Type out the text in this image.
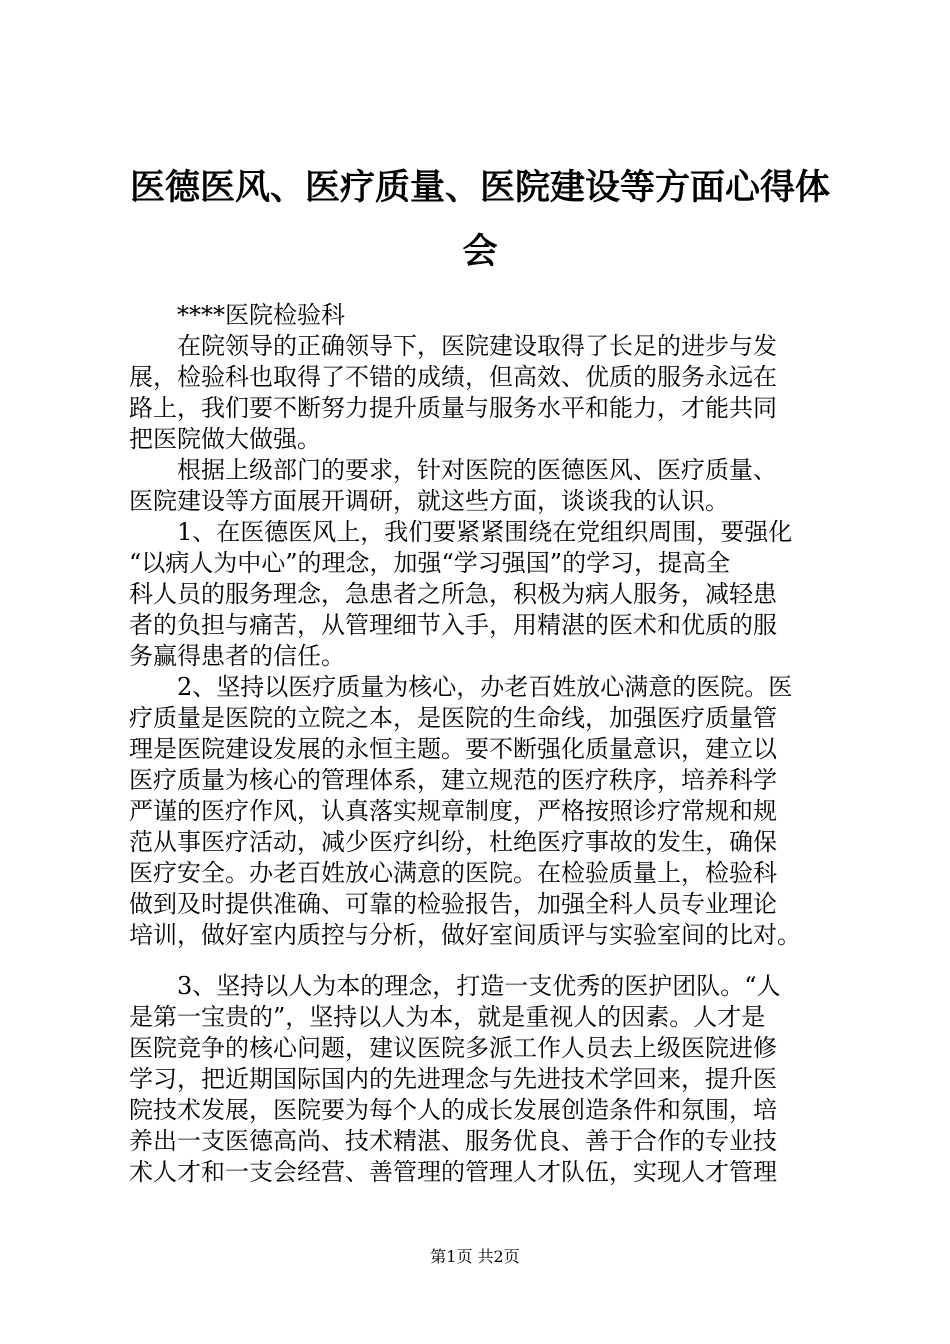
医德医风、医疗质量、医院建设等方面心得体
会

　　****医院检验科

　　在院领导的正确领导下，医院建设取得了长足的进步与发

展，检验科也取得了不错的成绩，但高效、优质的服务永远在

路上，我们要不断努力提升质量与服务水平和能力，才能共同

把医院做大做强。

　　根据上级部门的要求，针对医院的医德医风、医疗质量、

医院建设等方面展开调研，就这些方面，谈谈我的认识。

　　1、在医德医风上，我们要紧紧围绕在党组织周围，要强化

“以病人为中心”的理念，加强“学习强国”的学习，提高全

科人员的服务理念，急患者之所急，积极为病人服务，减轻患

者的负担与痛苦，从管理细节入手，用精湛的医术和优质的服

务赢得患者的信任。

　　2、坚持以医疗质量为核心，办老百姓放心满意的医院。医

疗质量是医院的立院之本，是医院的生命线，加强医疗质量管

理是医院建设发展的永恒主题。要不断强化质量意识，建立以

医疗质量为核心的管理体系，建立规范的医疗秩序，培养科学

严谨的医疗作风，认真落实规章制度，严格按照诊疗常规和规

范从事医疗活动，减少医疗纠纷，杜绝医疗事故的发生，确保

医疗安全。办老百姓放心满意的医院。在检验质量上，检验科

做到及时提供准确、可靠的检验报告，加强全科人员专业理论

培训，做好室内质控与分析，做好室间质评与实验室间的比对。

　　3、坚持以人为本的理念，打造一支优秀的医护团队。“人

是第一宝贵的”，坚持以人为本，就是重视人的因素。人才是

医院竞争的核心问题，建议医院多派工作人员去上级医院进修

学习，把近期国际国内的先进理念与先进技术学回来，提升医

院技术发展，医院要为每个人的成长发展创造条件和氛围，培

养出一支医德高尚、技术精湛、服务优良、善于合作的专业技

术人才和一支会经营、善管理的管理人才队伍，实现人才管理

第1页 共2页
